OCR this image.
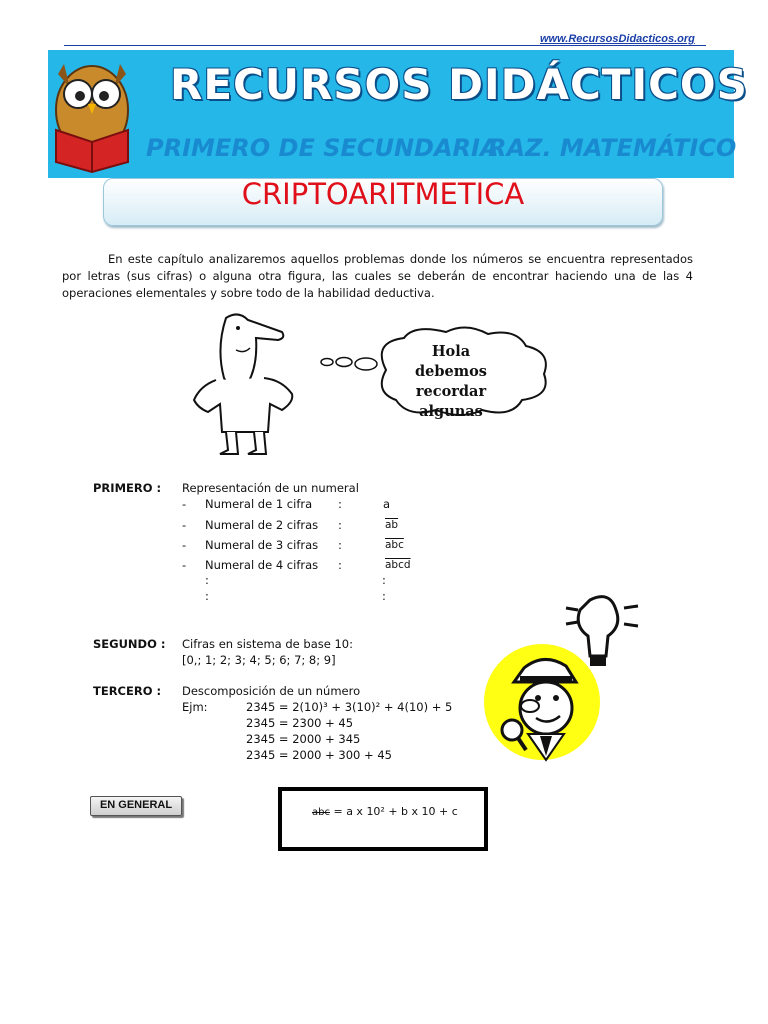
www.RecursosDidacticos.org
RECURSOS DIDÁCTICOS
PRIMERO DE SECUNDARIA
RAZ. MATEMÁTICO
CRIPTOARITMETICA
En este capítulo analizaremos aquellos problemas donde los números se encuentra representados por letras (sus cifras) o alguna otra figura, las cuales se deberán de encontrar haciendo una de las 4 operaciones elementales y sobre todo de la habilidad deductiva.
Hola
debemos
recordar
algunas
PRIMERO : Representación de un numeral
- Numeral de 1 cifra :	a
- Numeral de 2 cifras :	$\overline{ab}$
- Numeral de 3 cifras :	$\overline{abc}$
- Numeral de 4 cifras :	abcd
:	:
:	:
SEGUNDO : Cifras en sistema de base 10:
[0,; 1; 2; 3; 4; 5; 6; 7; 8; 9]
TERCERO : Descomposición de un número
Ejm:	2345 = 2(10)³ + 3(10)² + 4(10) + 5
2345 = 2300 + 45
2345 = 2000 + 345
2345 = 2000 + 300 + 45
EN GENERAL
abc = a x 10² + b x 10 + c
